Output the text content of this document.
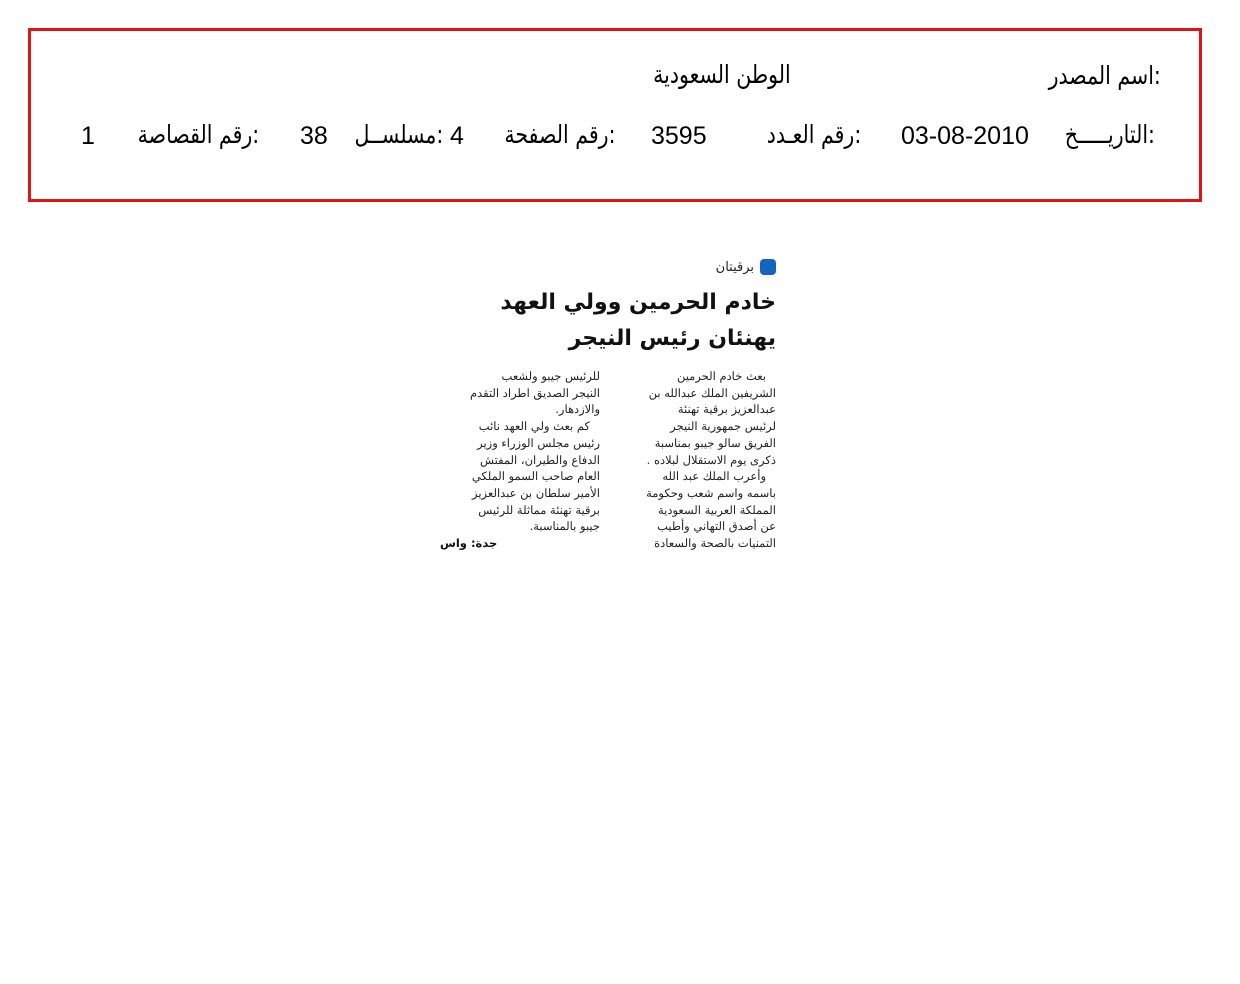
اسم المصدر:
الوطن السعودية
التاريـــــخ:
03-08-2010
رقم العـدد:
3595
رقم الصفحة:
4
مسلســل:
38
رقم القصاصة:
1
برقيتان
خادم الحرمين وولي العهد
يهنئان رئيس النيجر
بعث خادم الحرمين
الشريفين الملك عبدالله بن
عبدالعزيز برقية تهنئة
لرئيس جمهورية النيجر
الفريق سالو جيبو بمناسبة
ذكرى يوم الاستقلال لبلاده .
وأعرب الملك عبد الله
باسمه واسم شعب وحكومة
المملكة العربية السعودية
عن أصدق التهاني وأطيب
التمنيات بالصحة والسعادة
للرئيس جيبو ولشعب
النيجر الصديق اطراد التقدم
والازدهار.
كم بعث ولي العهد نائب
رئيس مجلس الوزراء وزير
الدفاع والطيران، المفتش
العام صاحب السمو الملكي
الأمير سلطان بن عبدالعزيز
برقية تهنئة مماثلة للرئيس
جيبو بالمناسبة.
جدة: واس
